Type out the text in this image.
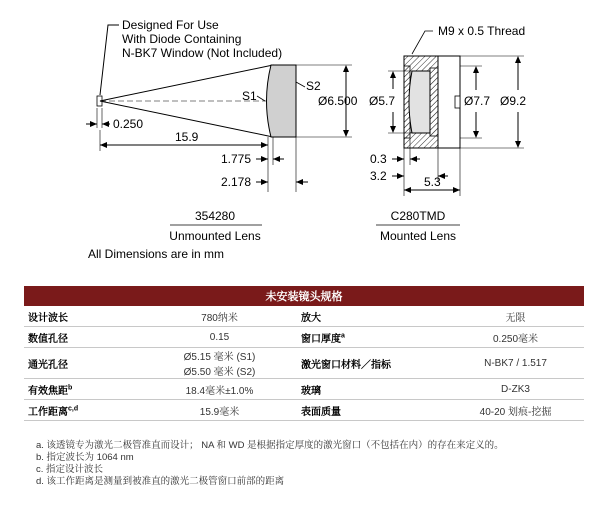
Designed For Use
With Diode Containing
N-BK7 Window (Not Included)
S1
S2
Ø6.500
0.250
15.9
1.775
2.178
354280
Unmounted Lens
All Dimensions are in mm
M9 x 0.5 Thread
Ø5.7	Ø7.7 Ø9.2
0.3
3.2	5.3
C280TMD
Mounted Lens
未安装镜头规格			
设计波长	780纳米	放大	无限
数值孔径	0.15	窗口厚度$^a$	0.250毫米
通光孔径	Ø5.15 毫米 (S1)
Ø5.50 毫米 (S2)	激光窗口材料／指标	N-BK7 / 1.517
有效焦距$^b$	18.4毫米±1.0%	玻璃	D-ZK3
工作距离$^{c,d}$	15.9毫米	表面质量	40-20 划痕-挖掘
a. 该透镜专为激光二极管准直而设计； NA 和 WD 是根据指定厚度的激光窗口（不包括在内）的存在来定义的。
b. 指定波长为 1064 nm
c. 指定设计波长
d. 该工作距离是测量到被准直的激光二极管窗口前部的距离
